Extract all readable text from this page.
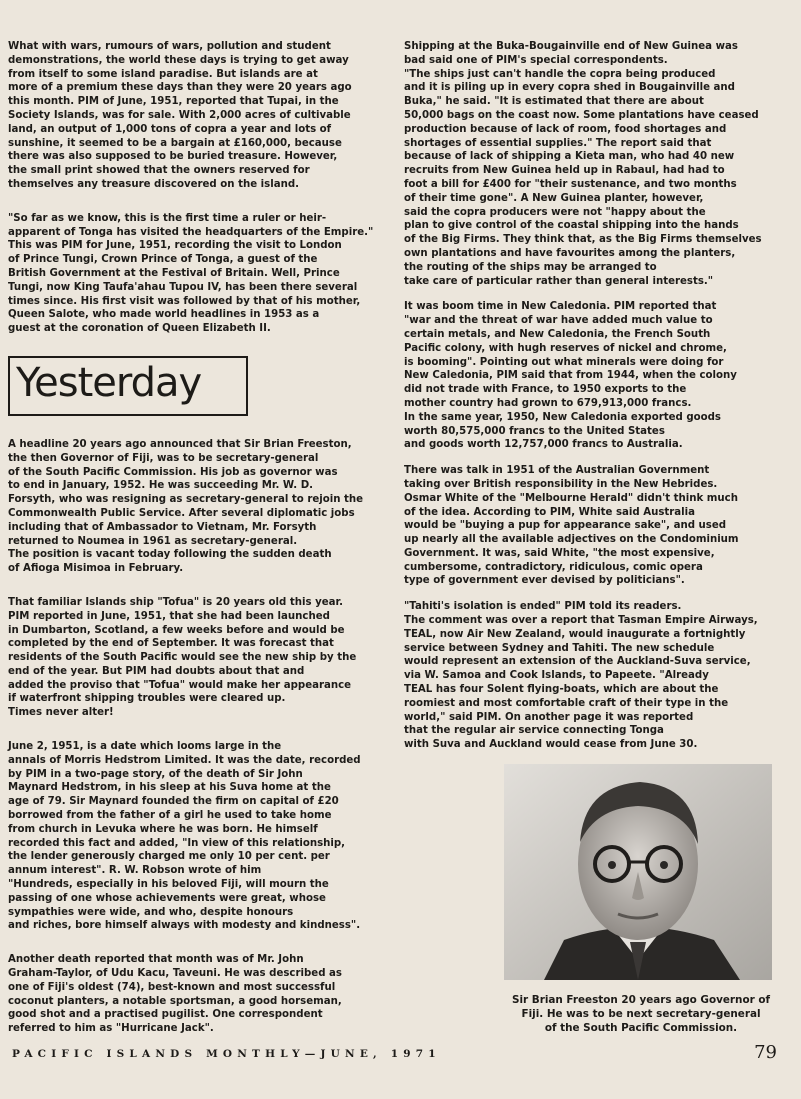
What with wars, rumours of wars, pollution and student
demonstrations, the world these days is trying to get away
from itself to some island paradise. But islands are at
more of a premium these days than they were 20 years ago
this month. PIM of June, 1951, reported that Tupai, in the
Society Islands, was for sale. With 2,000 acres of cultivable
land, an output of 1,000 tons of copra a year and lots of
sunshine, it seemed to be a bargain at £160,000, because
there was also supposed to be buried treasure. However,
the small print showed that the owners reserved for
themselves any treasure discovered on the island.

"So far as we know, this is the first time a ruler or heir-
apparent of Tonga has visited the headquarters of the Empire."
This was PIM for June, 1951, recording the visit to London
of Prince Tungi, Crown Prince of Tonga, a guest of the
British Government at the Festival of Britain. Well, Prince
Tungi, now King Taufa'ahau Tupou IV, has been there several
times since. His first visit was followed by that of his mother,
Queen Salote, who made world headlines in 1953 as a
guest at the coronation of Queen Elizabeth II.

Yesterday

A headline 20 years ago announced that Sir Brian Freeston,
the then Governor of Fiji, was to be secretary-general
of the South Pacific Commission. His job as governor was
to end in January, 1952. He was succeeding Mr. W. D.
Forsyth, who was resigning as secretary-general to rejoin the
Commonwealth Public Service. After several diplomatic jobs
including that of Ambassador to Vietnam, Mr. Forsyth
returned to Noumea in 1961 as secretary-general.
The position is vacant today following the sudden death
of Afioga Misimoa in February.

That familiar Islands ship "Tofua" is 20 years old this year.
PIM reported in June, 1951, that she had been launched
in Dumbarton, Scotland, a few weeks before and would be
completed by the end of September. It was forecast that
residents of the South Pacific would see the new ship by the
end of the year. But PIM had doubts about that and
added the proviso that "Tofua" would make her appearance
if waterfront shipping troubles were cleared up.
Times never alter!

June 2, 1951, is a date which looms large in the
annals of Morris Hedstrom Limited. It was the date, recorded
by PIM in a two-page story, of the death of Sir John
Maynard Hedstrom, in his sleep at his Suva home at the
age of 79. Sir Maynard founded the firm on capital of £20
borrowed from the father of a girl he used to take home
from church in Levuka where he was born. He himself
recorded this fact and added, "In view of this relationship,
the lender generously charged me only 10 per cent. per
annum interest". R. W. Robson wrote of him
"Hundreds, especially in his beloved Fiji, will mourn the
passing of one whose achievements were great, whose
sympathies were wide, and who, despite honours
and riches, bore himself always with modesty and kindness".

Another death reported that month was of Mr. John
Graham-Taylor, of Udu Kacu, Taveuni. He was described as
one of Fiji's oldest (74), best-known and most successful
coconut planters, a notable sportsman, a good horseman,
good shot and a practised pugilist. One correspondent
referred to him as "Hurricane Jack".

Shipping at the Buka-Bougainville end of New Guinea was
bad said one of PIM's special correspondents.
"The ships just can't handle the copra being produced
and it is piling up in every copra shed in Bougainville and
Buka," he said. "It is estimated that there are about
50,000 bags on the coast now. Some plantations have ceased
production because of lack of room, food shortages and
shortages of essential supplies." The report said that
because of lack of shipping a Kieta man, who had 40 new
recruits from New Guinea held up in Rabaul, had had to
foot a bill for £400 for "their sustenance, and two months
of their time gone". A New Guinea planter, however,
said the copra producers were not "happy about the
plan to give control of the coastal shipping into the hands
of the Big Firms. They think that, as the Big Firms themselves
own plantations and have favourites among the planters,
the routing of the ships may be arranged to
take care of particular rather than general interests."

It was boom time in New Caledonia. PIM reported that
"war and the threat of war have added much value to
certain metals, and New Caledonia, the French South
Pacific colony, with hugh reserves of nickel and chrome,
is booming". Pointing out what minerals were doing for
New Caledonia, PIM said that from 1944, when the colony
did not trade with France, to 1950 exports to the
mother country had grown to 679,913,000 francs.
In the same year, 1950, New Caledonia exported goods
worth 80,575,000 francs to the United States
and goods worth 12,757,000 francs to Australia.

There was talk in 1951 of the Australian Government
taking over British responsibility in the New Hebrides.
Osmar White of the "Melbourne Herald" didn't think much
of the idea. According to PIM, White said Australia
would be "buying a pup for appearance sake", and used
up nearly all the available adjectives on the Condominium
Government. It was, said White, "the most expensive,
cumbersome, contradictory, ridiculous, comic opera
type of government ever devised by politicians".

"Tahiti's isolation is ended" PIM told its readers.
The comment was over a report that Tasman Empire Airways,
TEAL, now Air New Zealand, would inaugurate a fortnightly
service between Sydney and Tahiti. The new schedule
would represent an extension of the Auckland-Suva service,
via W. Samoa and Cook Islands, to Papeete. "Already
TEAL has four Solent flying-boats, which are about the
roomiest and most comfortable craft of their type in the
world," said PIM. On another page it was reported
that the regular air service connecting Tonga
with Suva and Auckland would cease from June 30.

Sir Brian Freeston 20 years ago Governor of
Fiji. He was to be next secretary-general
of the South Pacific Commission.

PACIFIC ISLANDS MONTHLY—JUNE, 1971	79
